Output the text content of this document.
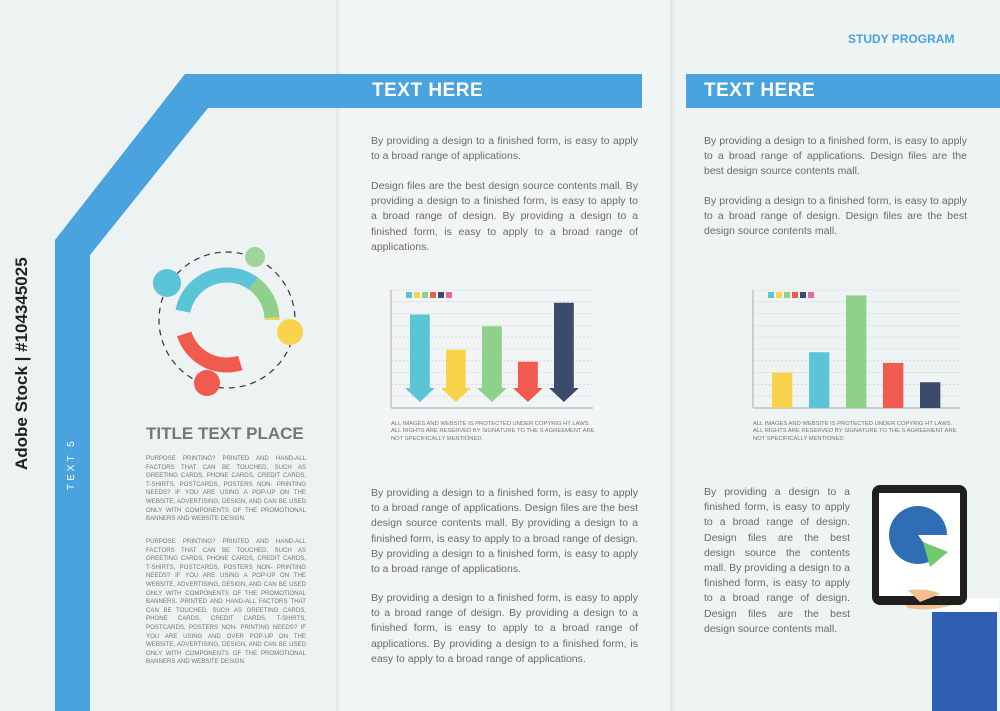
TEXT HERE	TEXT HERE
STUDY PROGRAM
TEXT 5
Adobe Stock | #104345025	TITLE TEXT PLACE

PURPOSE PRINTING? PRINTED AND HAND-ALL FACTORS THAT CAN BE TOUCHED, SUCH AS GREETING CARDS, PHONE CARDS, CREDIT CARDS, T-SHIRTS, POSTCARDS, POSTERS NON- PRINTING NEEDS? IF YOU ARE USING A POP-UP ON THE WEBSITE, ADVERTISING, DESIGN, AND CAN BE USED ONLY WITH COMPONENTS OF THE PROMOTIONAL BANNERS AND WEBSITE DESIGN.

PURPOSE PRINTING? PRINTED AND HAND-ALL FACTORS THAT CAN BE TOUCHED, SUCH AS GREETING CARDS, PHONE CARDS, CREDIT CARDS, T-SHIRTS, POSTCARDS, POSTERS NON- PRINTING NEEDS? IF YOU ARE USING A POP-UP ON THE WEBSITE, ADVERTISING, DESIGN, AND CAN BE USED ONLY WITH COMPONENTS OF THE PROMOTIONAL BANNERS. PRINTED AND HAND-ALL FACTORS THAT CAN BE TOUCHED, SUCH AS GREETING CARDS, PHONE CARDS, CREDIT CARDS, T-SHIRTS, POSTCARDS, POSTERS NON- PRINTING NEEDS? IF YOU ARE USING AND OVER POP-UP ON THE WEBSITE, ADVERTISING, DESIGN, AND CAN BE USED ONLY WITH COMPONENTS OF THE PROMOTIONAL BANNERS AND WEBSITE DESIGN.

By providing a design to a finished form, is easy to apply to a broad range of applications.

Design files are the best design source contents mall. By providing a design to a finished form, is easy to apply to a broad range of design. By providing a design to a finished form, is easy to apply to a broad range of applications.

ALL IMAGES AND WEBSITE IS PROTECTED UNDER COPYRIG HT LAWS. ALL RIGHTS ARE RESERVED BY SIGNATURE TO THE S AGREEMENT ARE NOT SPECIFICALLY MENTIONED.

By providing a design to a finished form, is easy to apply to a broad range of applications. Design files are the best design source contents mall. By providing a design to a finished form, is easy to apply to a broad range of design. By providing a design to a finished form, is easy to apply to a broad range of applications.

By providing a design to a finished form, is easy to apply to a broad range of design. By providing a design to a finished form, is easy to apply to a broad range of applications. By providing a design to a finished form, is easy to apply to a broad range of applications.

By providing a design to a finished form, is easy to apply to a broad range of applications. Design files are the best design source contents mall.

By providing a design to a finished form, is easy to apply to a broad range of design. Design files are the best design source contents mall.

ALL IMAGES AND WEBSITE IS PROTECTED UNDER COPYRIG HT LAWS. ALL RIGHTS ARE RESERVED BY SIGNATURE TO THE S AGREEMENT ARE NOT SPECIFICALLY MENTIONED.

By providing a design to a finished form, is easy to apply to a broad range of design. Design files are the best design source the contents mall. By providing a design to a finished form, is easy to apply to a broad range of design. Design files are the best design source contents mall.
